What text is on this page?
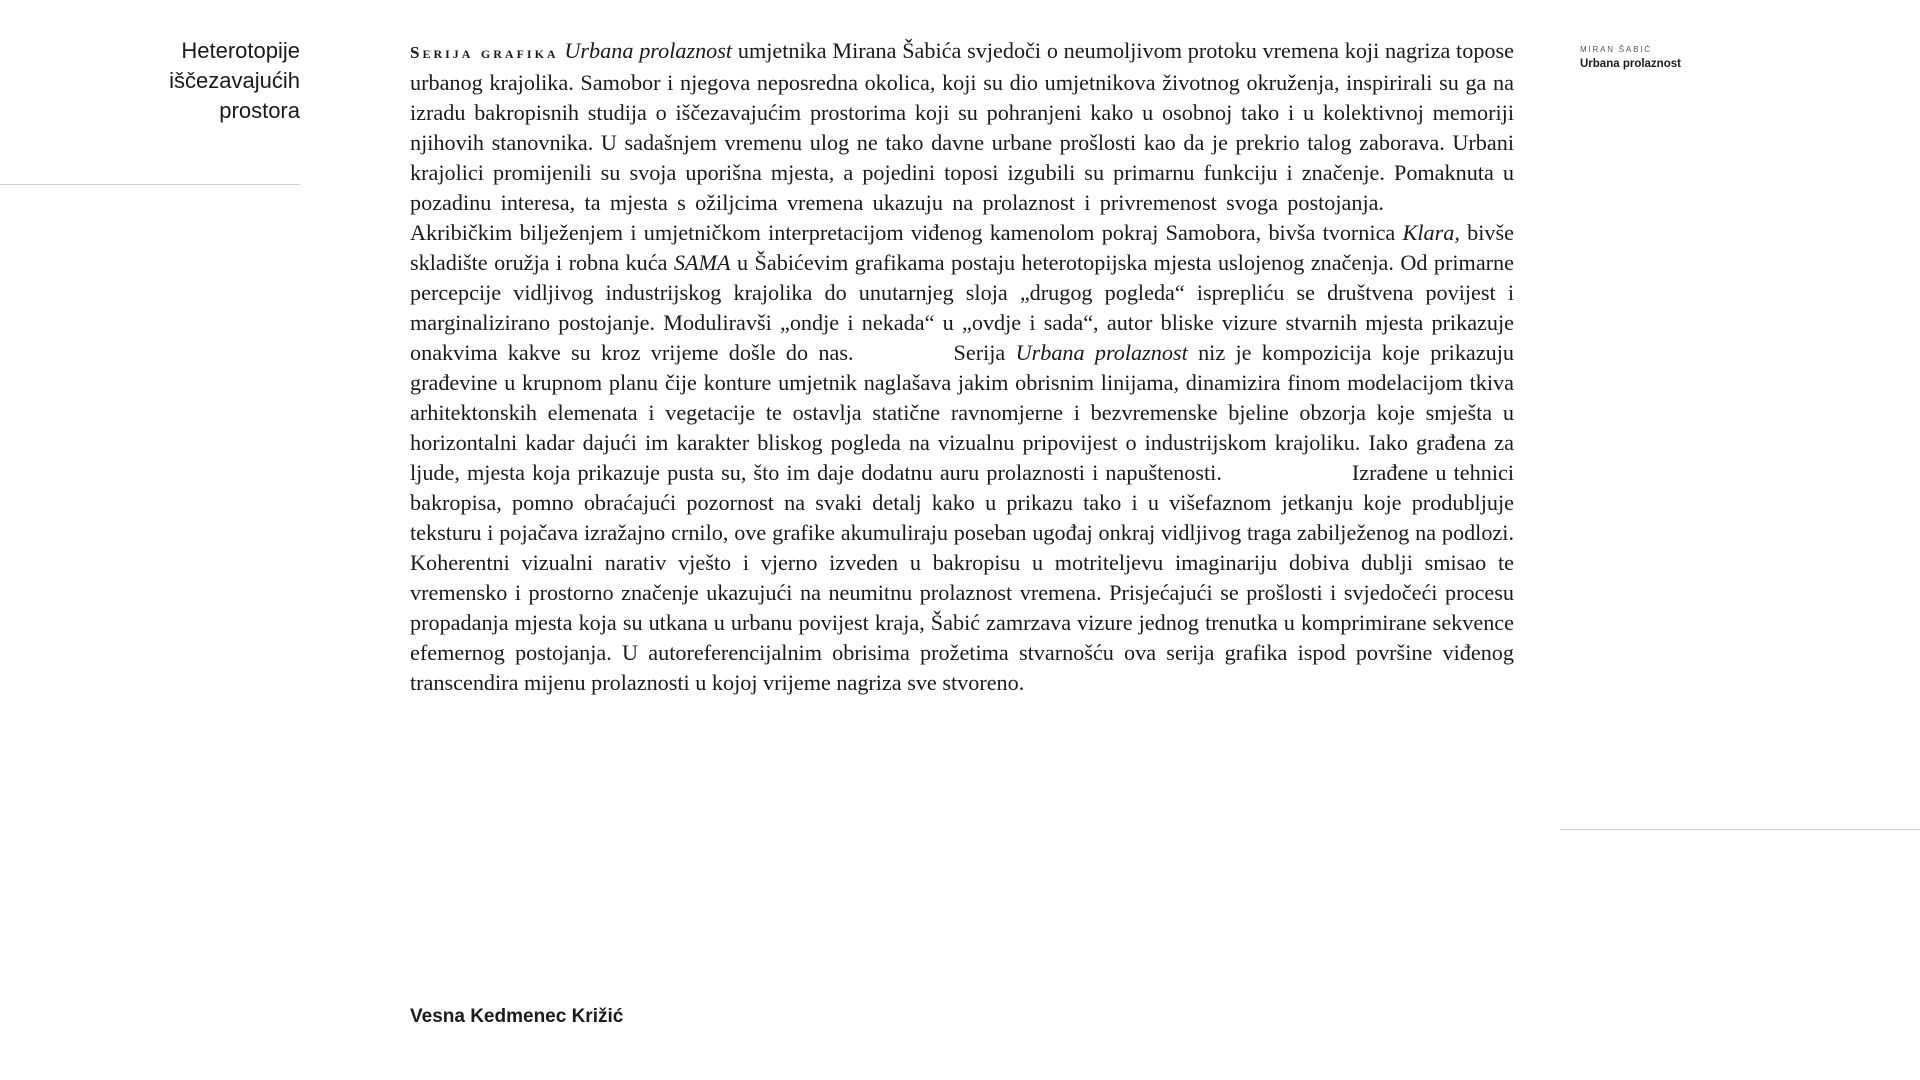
Heterotopije
iščezavajućih
prostora

Serija grafika Urbana prolaznost umjetnika Mirana Šabića svjedoči o neumoljivom protoku vremena koji nagriza topose urbanog krajolika. Samobor i njegova neposredna okolica, koji su dio umjetnikova životnog okruženja, inspirirali su ga na izradu bakropisnih studija o iščezavajućim prostorima koji su pohranjeni kako u osobnoj tako i u kolektivnoj memoriji njihovih stanovnika. U sadašnjem vremenu ulog ne tako davne urbane prošlosti kao da je prekrio talog zaborava. Urbani krajolici promijenili su svoja uporišna mjesta, a pojedini toposi izgubili su primarnu funkciju i značenje. Pomaknuta u pozadinu interesa, ta mjesta s ožiljcima vremena ukazuju na prolaznost i privremenost svoga postojanja.Akribičkim bilježenjem i umjetničkom interpretacijom viđenog kamenolom pokraj Samobora, bivša tvornica Klara, bivše skladište oružja i robna kuća SAMA u Šabićevim grafikama postaju heterotopijska mjesta uslojenog značenja. Od primarne percepcije vidljivog industrijskog krajolika do unutarnjeg sloja „drugog pogleda“ isprepliću se društvena povijest i marginalizirano postojanje. Moduliravši „ondje i nekada“ u „ovdje i sada“, autor bliske vizure stvarnih mjesta prikazuje onakvima kakve su kroz vrijeme došle do nas.	Serija Urbana prolaznost niz je kompozicija koje prikazuju građevine u krupnom planu čije konture umjetnik naglašava jakim obrisnim linijama, dinamizira finom modelacijom tkiva arhitektonskih elemenata i vegetacije te ostavlja statične ravnomjerne i bezvremenske bjeline obzorja koje smješta u horizontalni kadar dajući im karakter bliskog pogleda na vizualnu pripovijest o industrijskom krajoliku. Iako građena za ljude, mjesta koja prikazuje pusta su, što im daje dodatnu auru prolaznosti i napuštenosti.	Izrađene u tehnici bakropisa, pomno obraćajući pozornost na svaki detalj kako u prikazu tako i u višefaznom jetkanju koje produbljuje teksturu i pojačava izražajno crnilo, ove grafike akumuliraju poseban ugođaj onkraj vidljivog traga zabilježenog na podlozi. Koherentni vizualni narativ vješto i vjerno izveden u bakropisu u motriteljevu imaginariju dobiva dublji smisao te vremensko i prostorno značenje ukazujući na neumitnu prolaznost vremena. Prisjećajući se prošlosti i svjedočeći procesu propadanja mjesta koja su utkana u urbanu povijest kraja, Šabić zamrzava vizure jednog trenutka u komprimirane sekvence efemernog postojanja. U autoreferencijalnim obrisima prožetima stvarnošću ova serija grafika ispod površine viđenog transcendira mijenu prolaznosti u kojoj vrijeme nagriza sve stvoreno.

MIRAN ŠABIĆ
Urbana prolaznost
Vesna Kedmenec Križić
